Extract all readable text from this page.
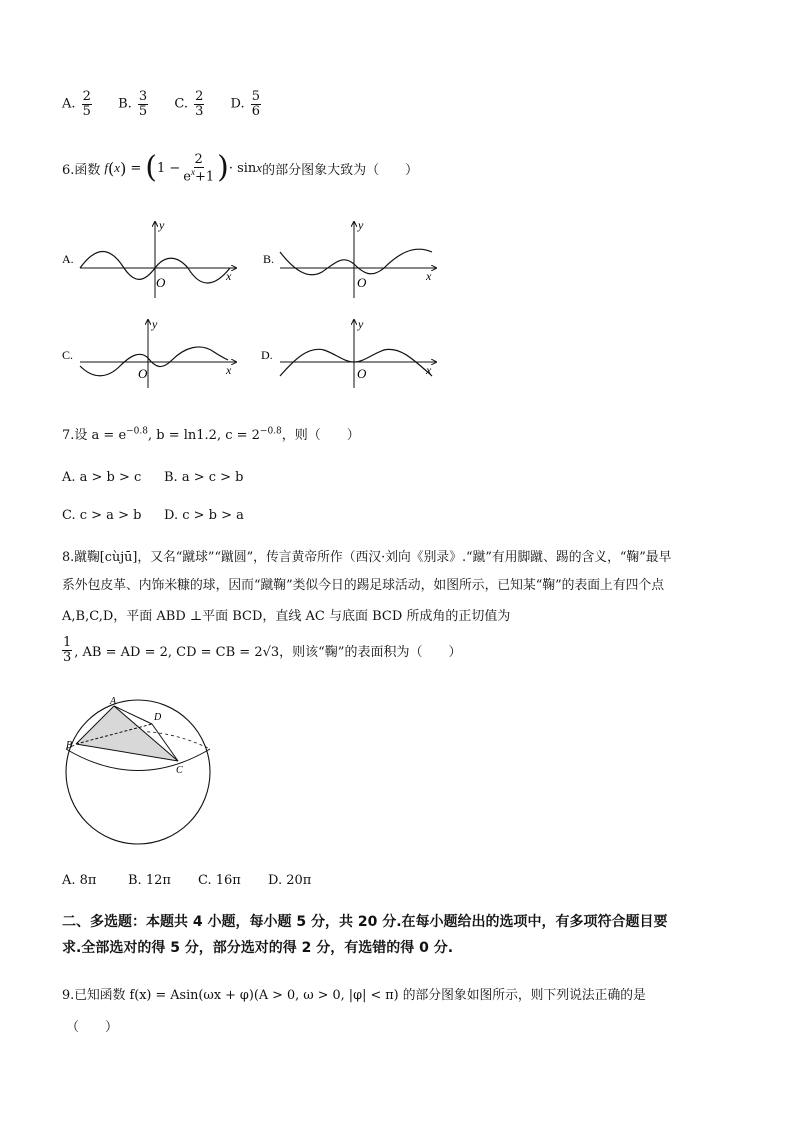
A. $\frac{2}{5} B$. $\frac{3}{5} C$. $\frac{2}{3} D$. $\frac{5}{6}$
6.函数 f ( x ) = ( $1 - \frac{2}{e^x+1}$ ) · sin x 的部分图象大致为（　　）
A.
y
x
O
B.
y
x
O
C.
y
x
O
D.
y
x
O
7.设 $a = e^{-0.8}$, b = ln1.2, $c = 2^{-0.8}$，则（　　）
A. a > b > c B. a > c > b
C. c > a > b D. c > b > a
8.蹴鞠[cùjū]，又名“蹴球”“蹴圆”，传言黄帝所作（西汉·刘向《别录》.“蹴”有用脚蹴、踢的含义，“鞠”最早
系外包皮革、内饰米糠的球，因而“蹴鞠”类似今日的踢足球活动，如图所示，已知某“鞠”的表面上有四个点
A,B,C,D，平面 ABD ⊥平面 BCD，直线 AC 与底面 BCD 所成角的正切值为
$\frac{1}{3}$ , AB = AD = 2, CD = CB = 2√3，则该“鞠”的表面积为（　　）
A
B
C
D
A. 8π B. 12π C. 16π D. 20π
二、多选题：本题共 4 小题，每小题 5 分，共 20 分.在每小题给出的选项中，有多项符合题目要
求.全部选对的得 5 分，部分选对的得 2 分，有选错的得 0 分.
9.已知函数 f(x) = Asin(ωx + φ)(A > 0, ω > 0, |φ| < π) 的部分图象如图所示，则下列说法正确的是
（　　）
